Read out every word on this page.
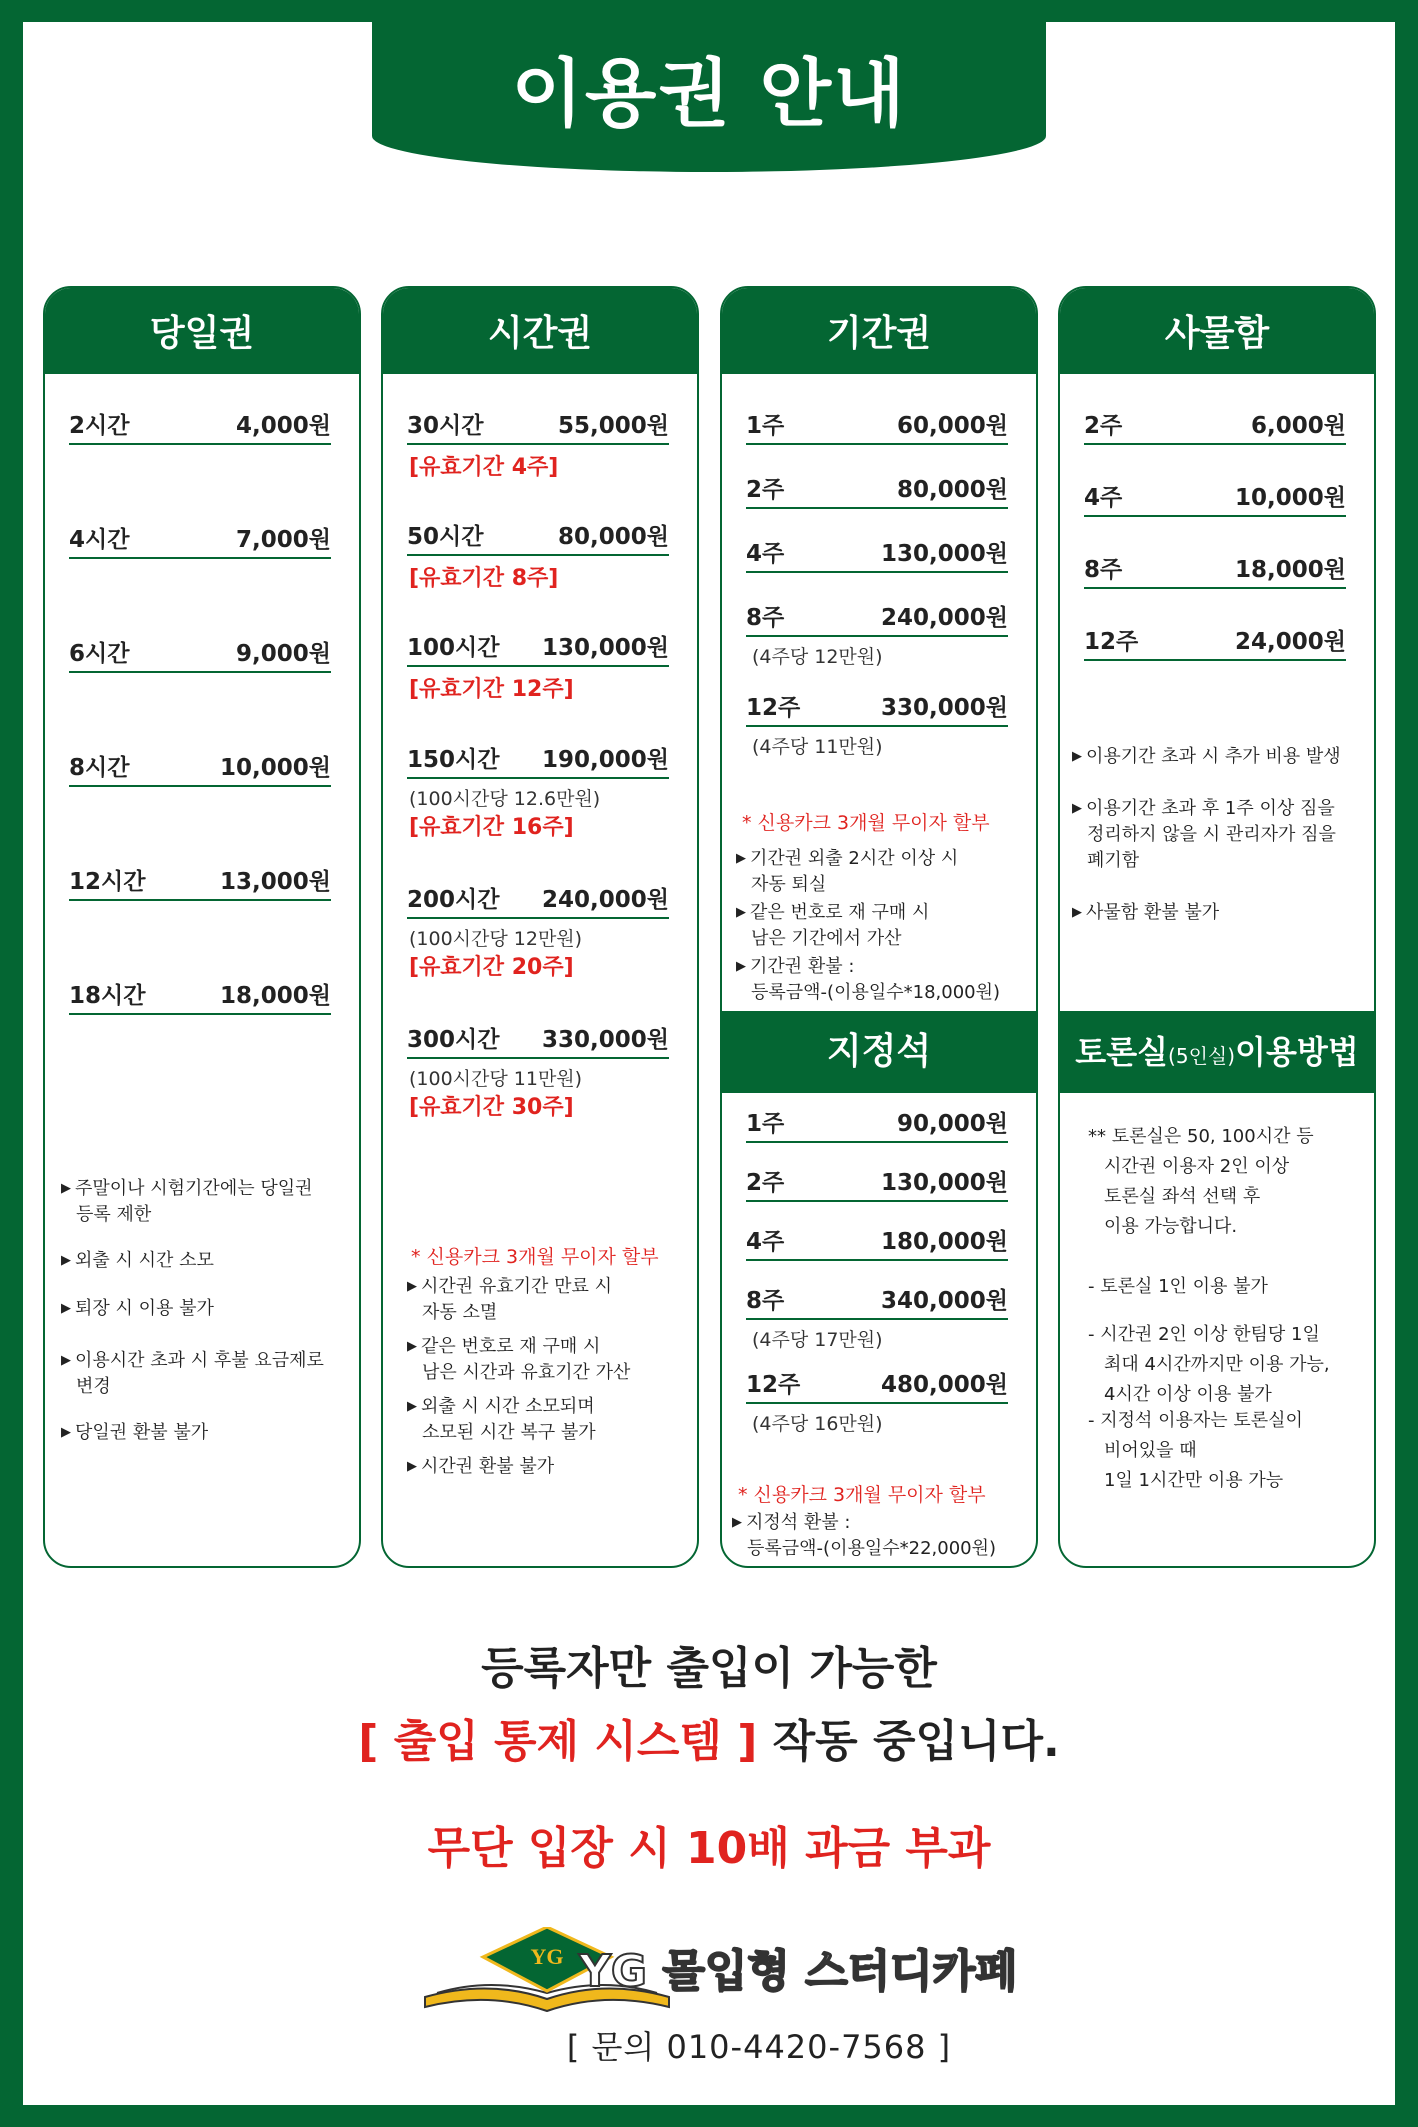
이용권 안내
당일권
2시간	4,000원
4시간	7,000원
6시간	9,000원
8시간	10,000원
12시간	13,000원
18시간	18,000원
▶ 주말이나 시험기간에는 당일권
등록 제한
▶ 외출 시 시간 소모
▶ 퇴장 시 이용 불가
▶ 이용시간 초과 시 후불 요금제로
변경
▶ 당일권 환불 불가
시간권
30시간	55,000원
[유효기간 4주]
50시간	80,000원
[유효기간 8주]
100시간 130,000원
[유효기간 12주]
150시간 190,000원
(100시간당 12.6만원)
[유효기간 16주]
200시간 240,000원
(100시간당 12만원)
[유효기간 20주]
300시간 330,000원
(100시간당 11만원)
[유효기간 30주]
* 신용카크 3개월 무이자 할부
▶ 시간권 유효기간 만료 시
자동 소멸
▶ 같은 번호로 재 구매 시
남은 시간과 유효기간 가산
▶ 외출 시 시간 소모되며
소모된 시간 복구 불가
▶ 시간권 환불 불가
기간권
지정석
1주	60,000원
2주	80,000원
4주	130,000원
8주	240,000원
(4주당 12만원)
12주	330,000원
(4주당 11만원)
* 신용카크 3개월 무이자 할부
▶ 기간권 외출 2시간 이상 시
자동 퇴실
▶ 같은 번호로 재 구매 시
남은 기간에서 가산
▶ 기간권 환불 :
등록금액-(이용일수*18,000원)
1주	90,000원
2주	130,000원
4주	180,000원
8주	340,000원
(4주당 17만원)
12주	480,000원
(4주당 16만원)
* 신용카크 3개월 무이자 할부
▶ 지정석 환불 :
등록금액-(이용일수*22,000원)
사물함
토론실(5인실)이용방법
2주	6,000원
4주	10,000원
8주	18,000원
12주	24,000원
▶ 이용기간 초과 시 추가 비용 발생
▶ 이용기간 초과 후 1주 이상 짐을
정리하지 않을 시 관리자가 짐을
폐기함
▶ 사물함 환불 불가
** 토론실은 50, 100시간 등
시간권 이용자 2인 이상
토론실 좌석 선택 후
이용 가능합니다.
- 토론실 1인 이용 불가
- 시간권 2인 이상 한팀당 1일
최대 4시간까지만 이용 가능,
4시간 이상 이용 불가
- 지정석 이용자는 토론실이
비어있을 때
1일 1시간만 이용 가능
등록자만 출입이 가능한
[ 출입 통제 시스템 ] 작동 중입니다.
무단 입장 시 10배 과금 부과
YG YG 몰입형 스터디카페
[ 문의 010-4420-7568 ]
